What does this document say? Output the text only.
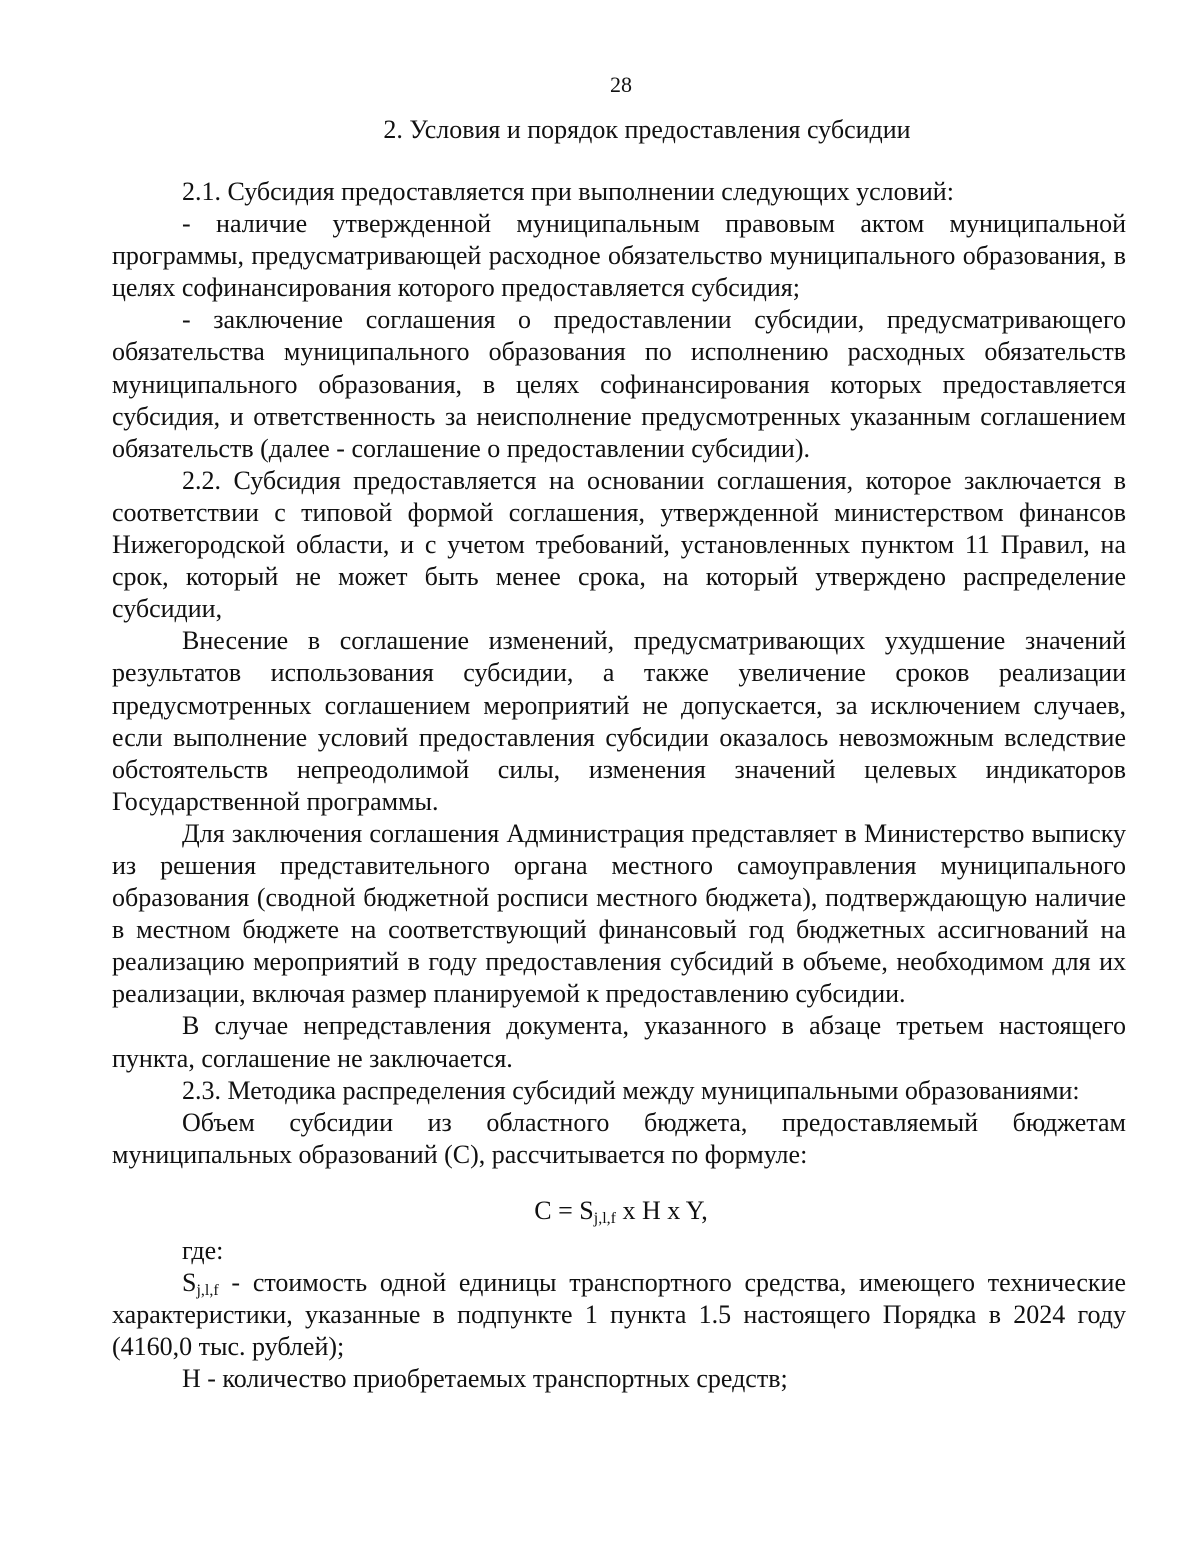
28
2. Условия и порядок предоставления субсидии

2.1. Субсидия предоставляется при выполнении следующих условий:

- наличие утвержденной муниципальным правовым актом муниципальной программы, предусматривающей расходное обязательство муниципального образования, в целях софинансирования которого предоставляется субсидия;

- заключение соглашения о предоставлении субсидии, предусматривающего обязательства муниципального образования по исполнению расходных обязательств муниципального образования, в целях софинансирования которых предоставляется субсидия, и ответственность за неисполнение предусмотренных указанным соглашением обязательств (далее - соглашение о предоставлении субсидии).

2.2. Субсидия предоставляется на основании соглашения, которое заключается в соответствии с типовой формой соглашения, утвержденной министерством финансов Нижегородской области, и с учетом требований, установленных пунктом 11 Правил, на срок, который не может быть менее срока, на который утверждено распределение субсидии,

Внесение в соглашение изменений, предусматривающих ухудшение значений результатов использования субсидии, а также увеличение сроков реализации предусмотренных соглашением мероприятий не допускается, за исключением случаев, если выполнение условий предоставления субсидии оказалось невозможным вследствие обстоятельств непреодолимой силы, изменения значений целевых индикаторов Государственной программы.

Для заключения соглашения Администрация представляет в Министерство выписку из решения представительного органа местного самоуправления муниципального образования (сводной бюджетной росписи местного бюджета), подтверждающую наличие в местном бюджете на соответствующий финансовый год бюджетных ассигнований на реализацию мероприятий в году предоставления субсидий в объеме, необходимом для их реализации, включая размер планируемой к предоставлению субсидии.

В случае непредставления документа, указанного в абзаце третьем настоящего пункта, соглашение не заключается.

2.3. Методика распределения субсидий между муниципальными образованиями:

Объем субсидии из областного бюджета, предоставляемый бюджетам муниципальных образований (С), рассчитывается по формуле:

$С = S_{j,l,f}$ x H x Y,

где:

$S_{j,l,f}$ - стоимость одной единицы транспортного средства, имеющего технические характеристики, указанные в подпункте 1 пункта 1.5 настоящего Порядка в 2024 году (4160,0 тыс. рублей);

Н - количество приобретаемых транспортных средств;
